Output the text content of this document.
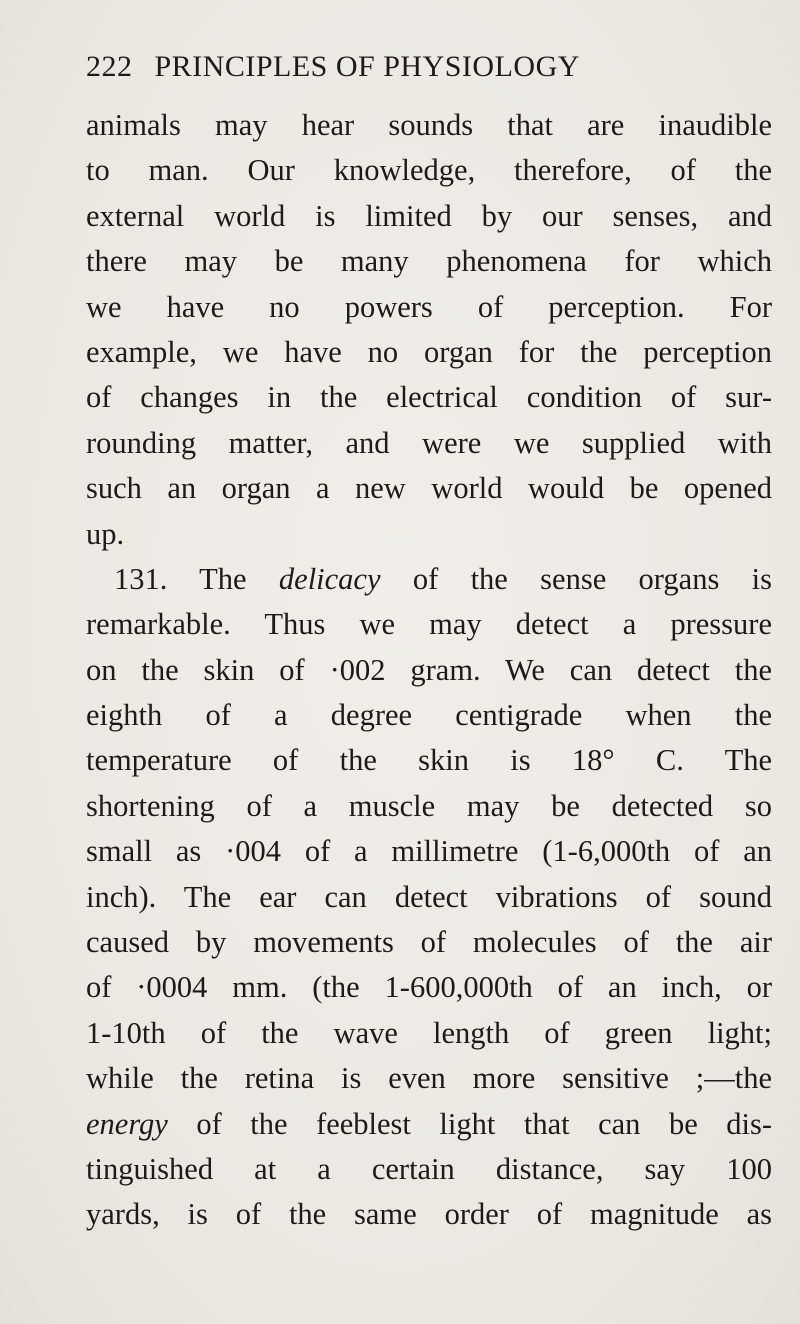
222 PRINCIPLES OF PHYSIOLOGY
animals may hear sounds that are inaudible
to man. Our knowledge, therefore, of the
external world is limited by our senses, and
there may be many phenomena for which
we have no powers of perception. For
example, we have no organ for the perception
of changes in the electrical condition of sur-
rounding matter, and were we supplied with
such an organ a new world would be opened
up.
131. The delicacy of the sense organs is
remarkable. Thus we may detect a pressure
on the skin of ·002 gram. We can detect the
eighth of a degree centigrade when the
temperature of the skin is 18° C. The
shortening of a muscle may be detected so
small as ·004 of a millimetre (1-6,000th of an
inch). The ear can detect vibrations of sound
caused by movements of molecules of the air
of ·0004 mm. (the 1-600,000th of an inch, or
1-10th of the wave length of green light;
while the retina is even more sensitive ;—the
energy of the feeblest light that can be dis-
tinguished at a certain distance, say 100
yards, is of the same order of magnitude as
